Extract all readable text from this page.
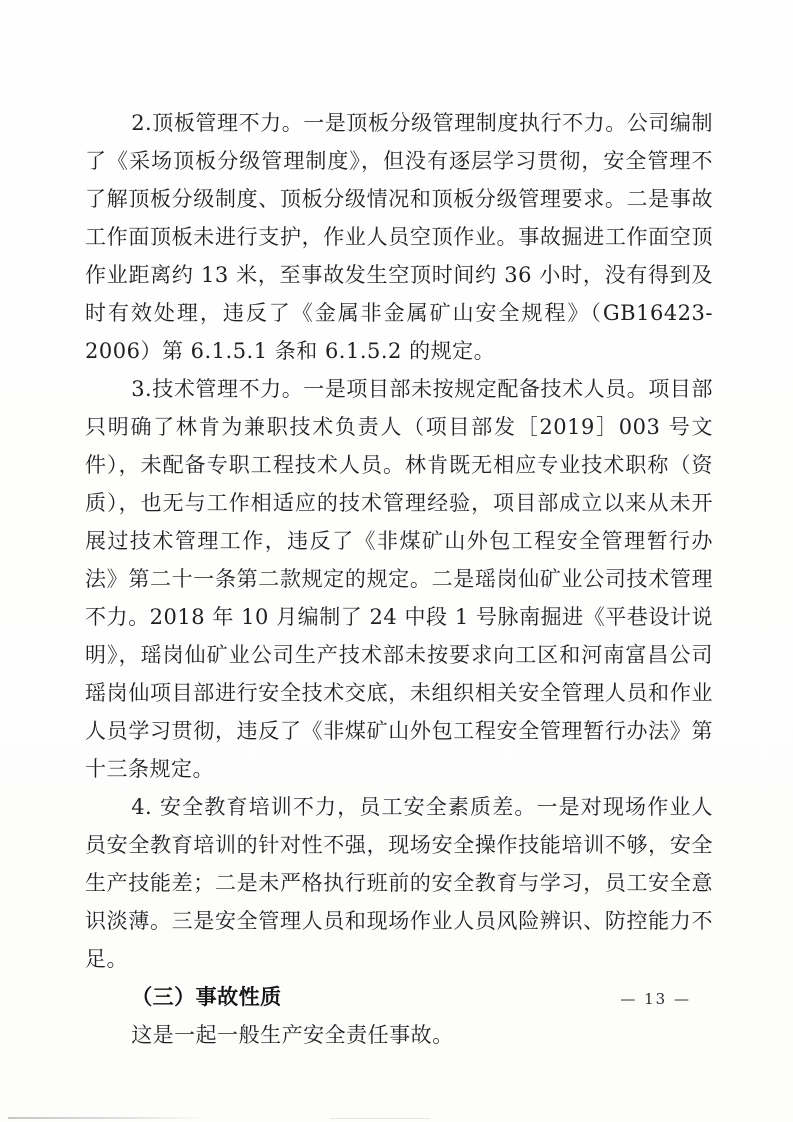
2.顶板管理不力。一是顶板分级管理制度执行不力。公司编制了《采场顶板分级管理制度》，但没有逐层学习贯彻，安全管理不了解顶板分级制度、顶板分级情况和顶板分级管理要求。二是事故工作面顶板未进行支护，作业人员空顶作业。事故掘进工作面空顶作业距离约 13 米，至事故发生空顶时间约 36 小时，没有得到及时有效处理，违反了《金属非金属矿山安全规程》（GB16423-2006）第 6.1.5.1 条和 6.1.5.2 的规定。

3.技术管理不力。一是项目部未按规定配备技术人员。项目部只明确了林肯为兼职技术负责人（项目部发［2019］003 号文件），未配备专职工程技术人员。林肯既无相应专业技术职称（资质），也无与工作相适应的技术管理经验，项目部成立以来从未开展过技术管理工作，违反了《非煤矿山外包工程安全管理暂行办法》第二十一条第二款规定的规定。二是瑶岗仙矿业公司技术管理不力。2018 年 10 月编制了 24 中段 1 号脉南掘进《平巷设计说明》，瑶岗仙矿业公司生产技术部未按要求向工区和河南富昌公司瑶岗仙项目部进行安全技术交底，未组织相关安全管理人员和作业人员学习贯彻，违反了《非煤矿山外包工程安全管理暂行办法》第十三条规定。

4. 安全教育培训不力，员工安全素质差。一是对现场作业人员安全教育培训的针对性不强，现场安全操作技能培训不够，安全生产技能差；二是未严格执行班前的安全教育与学习，员工安全意识淡薄。三是安全管理人员和现场作业人员风险辨识、防控能力不足。

（三）事故性质

这是一起一般生产安全责任事故。

— 13 —
